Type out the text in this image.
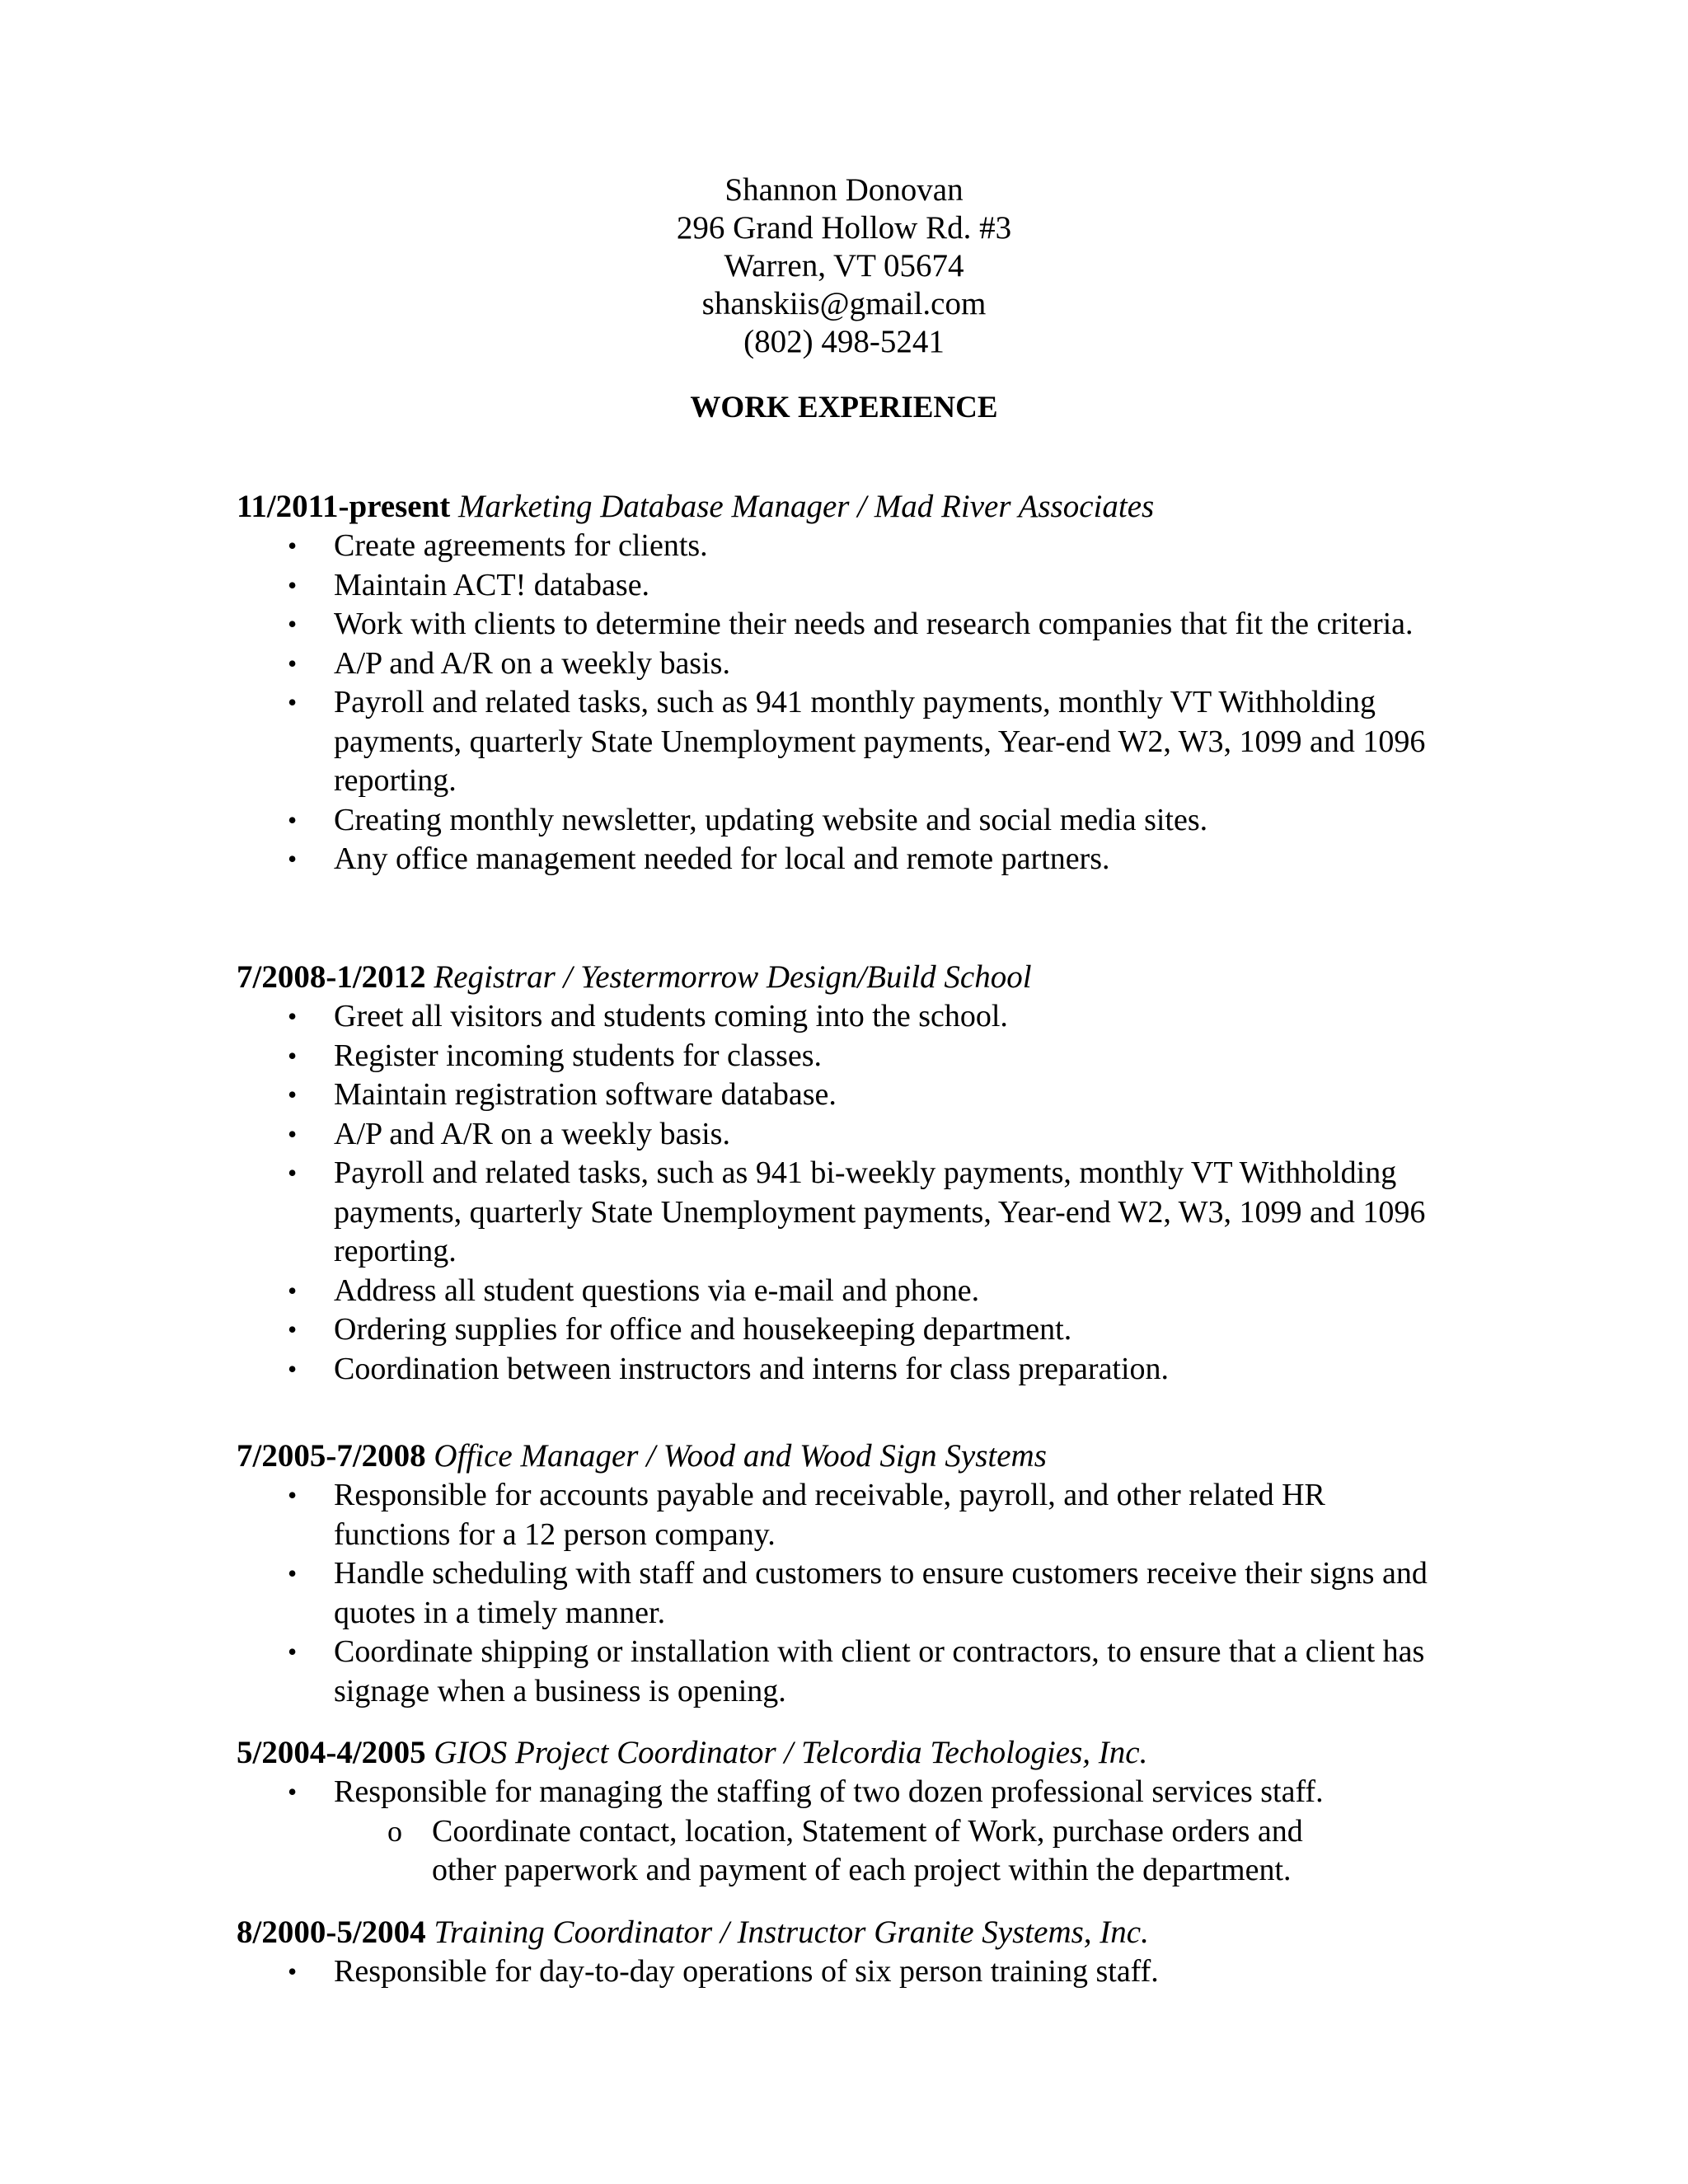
Shannon Donovan
296 Grand Hollow Rd. #3
Warren, VT 05674
shanskiis@gmail.com
(802) 498-5241
WORK EXPERIENCE
11/2011-present Marketing Database Manager / Mad River Associates
• Create agreements for clients.
• Maintain ACT! database.
• Work with clients to determine their needs and research companies that fit the criteria.
• A/P and A/R on a weekly basis.
• Payroll and related tasks, such as 941 monthly payments, monthly VT Withholding payments, quarterly State Unemployment payments, Year-end W2, W3, 1099 and 1096 reporting.
• Creating monthly newsletter, updating website and social media sites.
• Any office management needed for local and remote partners.
7/2008-1/2012 Registrar / Yestermorrow Design/Build School
• Greet all visitors and students coming into the school.
• Register incoming students for classes.
• Maintain registration software database.
• A/P and A/R on a weekly basis.
• Payroll and related tasks, such as 941 bi-weekly payments, monthly VT Withholding payments, quarterly State Unemployment payments, Year-end W2, W3, 1099 and 1096 reporting.
• Address all student questions via e-mail and phone.
• Ordering supplies for office and housekeeping department.
• Coordination between instructors and interns for class preparation.
7/2005-7/2008 Office Manager / Wood and Wood Sign Systems
• Responsible for accounts payable and receivable, payroll, and other related HR functions for a 12 person company.
• Handle scheduling with staff and customers to ensure customers receive their signs and quotes in a timely manner.
• Coordinate shipping or installation with client or contractors, to ensure that a client has signage when a business is opening.
5/2004-4/2005 GIOS Project Coordinator / Telcordia Techologies, Inc.
• Responsible for managing the staffing of two dozen professional services staff.
o Coordinate contact, location, Statement of Work, purchase orders and other paperwork and payment of each project within the department.
8/2000-5/2004 Training Coordinator / Instructor Granite Systems, Inc.
• Responsible for day-to-day operations of six person training staff.
